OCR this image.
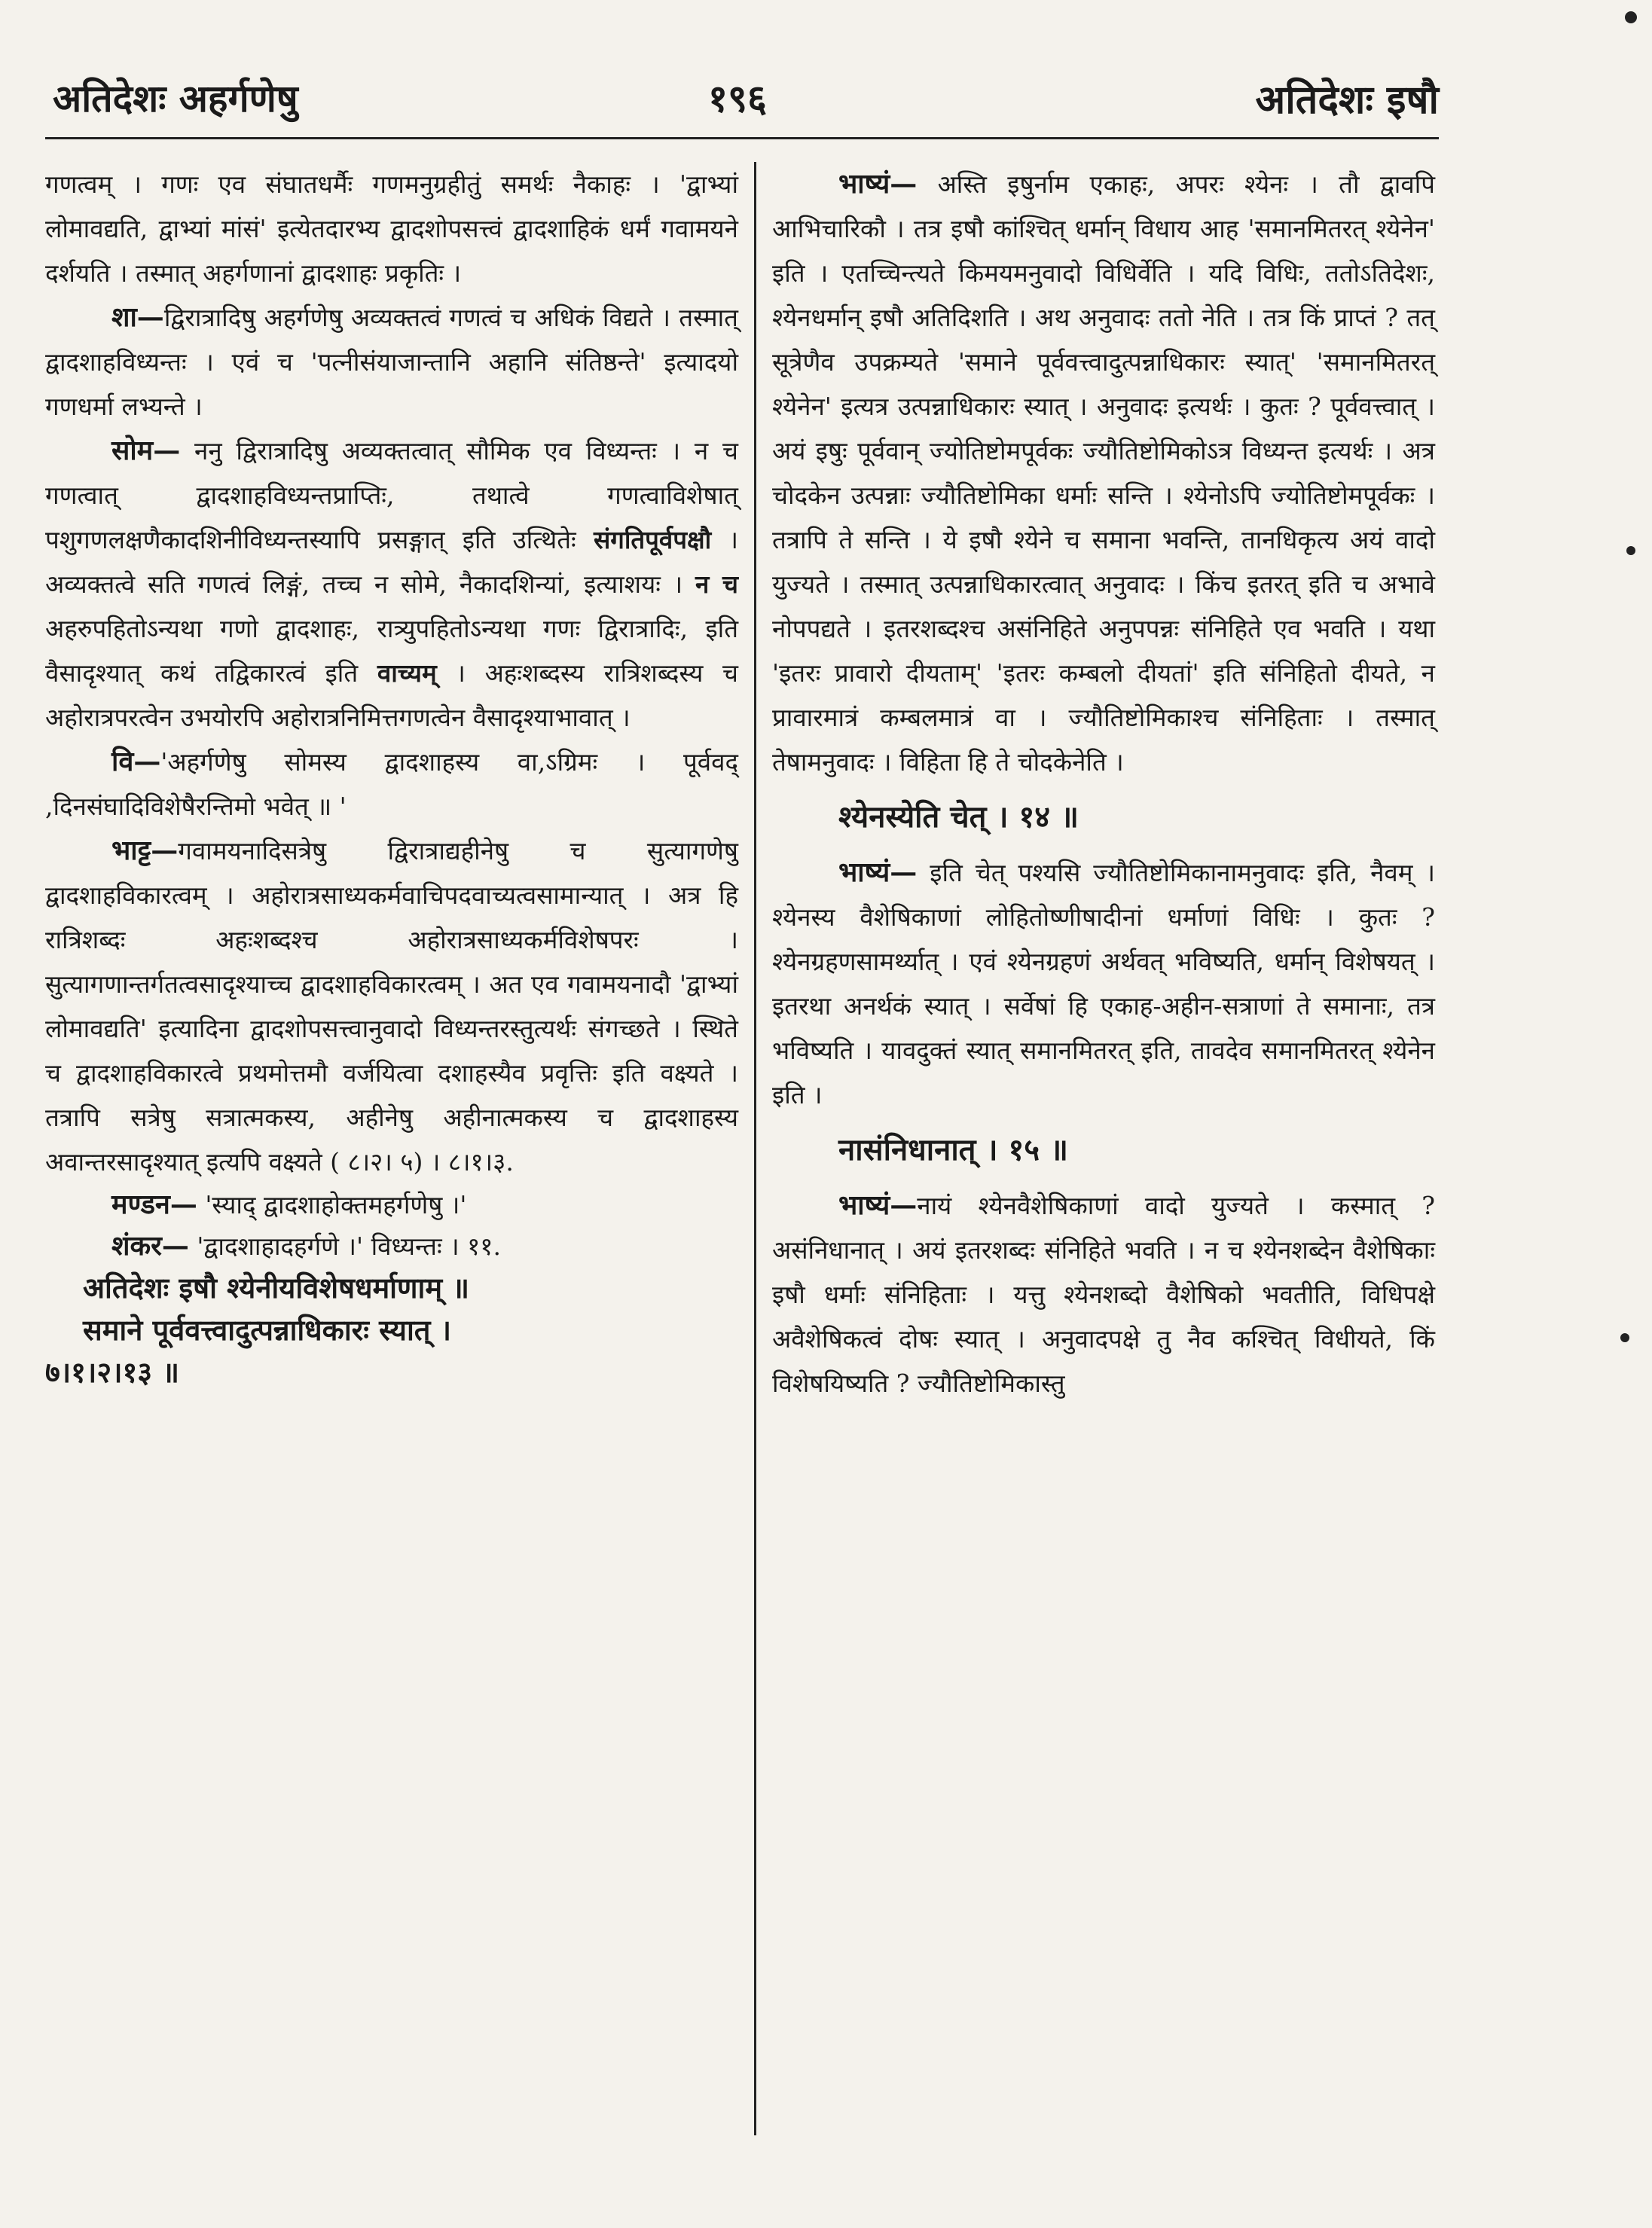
अतिदेशः अहर्गणेषु	१९६	अतिदेशः इषौ

गणत्वम् । गणः एव संघातधर्मैः गणमनुग्रहीतुं समर्थः नैकाहः । 'द्वाभ्यां लोमावद्यति, द्वाभ्यां मांसं' इत्येतदारभ्य द्वादशोपसत्त्वं द्वादशाहिकं धर्मं गवामयने दर्शयति । तस्मात् अहर्गणानां द्वादशाहः प्रकृतिः ।

शा—द्विरात्रादिषु अहर्गणेषु अव्यक्तत्वं गणत्वं च अधिकं विद्यते । तस्मात् द्वादशाहविध्यन्तः । एवं च 'पत्नीसंयाजान्तानि अहानि संतिष्ठन्ते' इत्यादयो गणधर्मा लभ्यन्ते ।

सोम— ननु द्विरात्रादिषु अव्यक्तत्वात् सौमिक एव विध्यन्तः । न च गणत्वात् द्वादशाहविध्यन्तप्राप्तिः, तथात्वे गणत्वाविशेषात् पशुगणलक्षणैकादशिनीविध्यन्तस्यापि प्रसङ्गात् इति उत्थितेः संगतिपूर्वपक्षौ । अव्यक्तत्वे सति गणत्वं लिङ्गं, तच्च न सोमे, नैकादशिन्यां, इत्याशयः । न च अहरुपहितोऽन्यथा गणो द्वादशाहः, रात्र्युपहितोऽन्यथा गणः द्विरात्रादिः, इति वैसादृश्यात् कथं तद्विकारत्वं इति वाच्यम् । अहःशब्दस्य रात्रिशब्दस्य च अहोरात्रपरत्वेन उभयोरपि अहोरात्रनिमित्तगणत्वेन वैसादृश्याभावात् ।

वि—'अहर्गणेषु सोमस्य द्वादशाहस्य वा,ऽग्रिमः । पूर्ववद् ,दिनसंघादिविशेषैरन्तिमो भवेत् ॥ '

भाट्ट—गवामयनादिसत्रेषु द्विरात्राद्यहीनेषु च सुत्यागणेषु द्वादशाहविकारत्वम् । अहोरात्रसाध्यकर्मवाचिपदवाच्यत्वसामान्यात् । अत्र हि रात्रिशब्दः अहःशब्दश्च अहोरात्रसाध्यकर्मविशेषपरः । सुत्यागणान्तर्गतत्वसादृश्याच्च द्वादशाहविकारत्वम् । अत एव गवामयनादौ 'द्वाभ्यां लोमावद्यति' इत्यादिना द्वादशोपसत्त्वानुवादो विध्यन्तरस्तुत्यर्थः संगच्छते । स्थिते च द्वादशाहविकारत्वे प्रथमोत्तमौ वर्जयित्वा दशाहस्यैव प्रवृत्तिः इति वक्ष्यते । तत्रापि सत्रेषु सत्रात्मकस्य, अहीनेषु अहीनात्मकस्य च द्वादशाहस्य अवान्तरसादृश्यात् इत्यपि वक्ष्यते ( ८।२। ५) । ८।१।३.

मण्डन— 'स्याद् द्वादशाहोक्तमहर्गणेषु ।'

शंकर— 'द्वादशाहादहर्गणे ।' विध्यन्तः । ११.

अतिदेशः इषौ श्येनीयविशेषधर्माणाम् ॥

समाने पूर्ववत्त्वादुत्पन्नाधिकारः स्यात् ।

७।१।२।१३ ॥

भाष्यं— अस्ति इषुर्नाम एकाहः, अपरः श्येनः । तौ द्वावपि आभिचारिकौ । तत्र इषौ कांश्चित् धर्मान् विधाय आह 'समानमितरत् श्येनेन' इति । एतच्चिन्त्यते किमयमनुवादो विधिर्वेति । यदि विधिः, ततोऽतिदेशः, श्येनधर्मान् इषौ अतिदिशति । अथ अनुवादः ततो नेति । तत्र किं प्राप्तं ? तत् सूत्रेणैव उपक्रम्यते 'समाने पूर्ववत्त्वादुत्पन्नाधिकारः स्यात्' 'समानमितरत् श्येनेन' इत्यत्र उत्पन्नाधिकारः स्यात् । अनुवादः इत्यर्थः । कुतः ? पूर्ववत्त्वात् । अयं इषुः पूर्ववान् ज्योतिष्टोमपूर्वकः ज्यौतिष्टोमिकोऽत्र विध्यन्त इत्यर्थः । अत्र चोदकेन उत्पन्नाः ज्यौतिष्टोमिका धर्माः सन्ति । श्येनोऽपि ज्योतिष्टोमपूर्वकः । तत्रापि ते सन्ति । ये इषौ श्येने च समाना भवन्ति, तानधिकृत्य अयं वादो युज्यते । तस्मात् उत्पन्नाधिकारत्वात् अनुवादः । किंच इतरत् इति च अभावे नोपपद्यते । इतरशब्दश्च असंनिहिते अनुपपन्नः संनिहिते एव भवति । यथा 'इतरः प्रावारो दीयताम्' 'इतरः कम्बलो दीयतां' इति संनिहितो दीयते, न प्रावारमात्रं कम्बलमात्रं वा । ज्यौतिष्टोमिकाश्च संनिहिताः । तस्मात् तेषामनुवादः । विहिता हि ते चोदकेनेति ।

श्येनस्येति चेत् । १४ ॥

भाष्यं— इति चेत् पश्यसि ज्यौतिष्टोमिकानामनुवादः इति, नैवम् । श्येनस्य वैशेषिकाणां लोहितोष्णीषादीनां धर्माणां विधिः । कुतः ? श्येनग्रहणसामर्थ्यात् । एवं श्येनग्रहणं अर्थवत् भविष्यति, धर्मान् विशेषयत् । इतरथा अनर्थकं स्यात् । सर्वेषां हि एकाह-अहीन-सत्राणां ते समानाः, तत्र भविष्यति । यावदुक्तं स्यात् समानमितरत् इति, तावदेव समानमितरत् श्येनेन इति ।

नासंनिधानात् । १५ ॥

भाष्यं—नायं श्येनवैशेषिकाणां वादो युज्यते । कस्मात् ? असंनिधानात् । अयं इतरशब्दः संनिहिते भवति । न च श्येनशब्देन वैशेषिकाः इषौ धर्माः संनिहिताः । यत्तु श्येनशब्दो वैशेषिको भवतीति, विधिपक्षे अवैशेषिकत्वं दोषः स्यात् । अनुवादपक्षे तु नैव कश्चित् विधीयते, किं विशेषयिष्यति ? ज्यौतिष्टोमिकास्तु
